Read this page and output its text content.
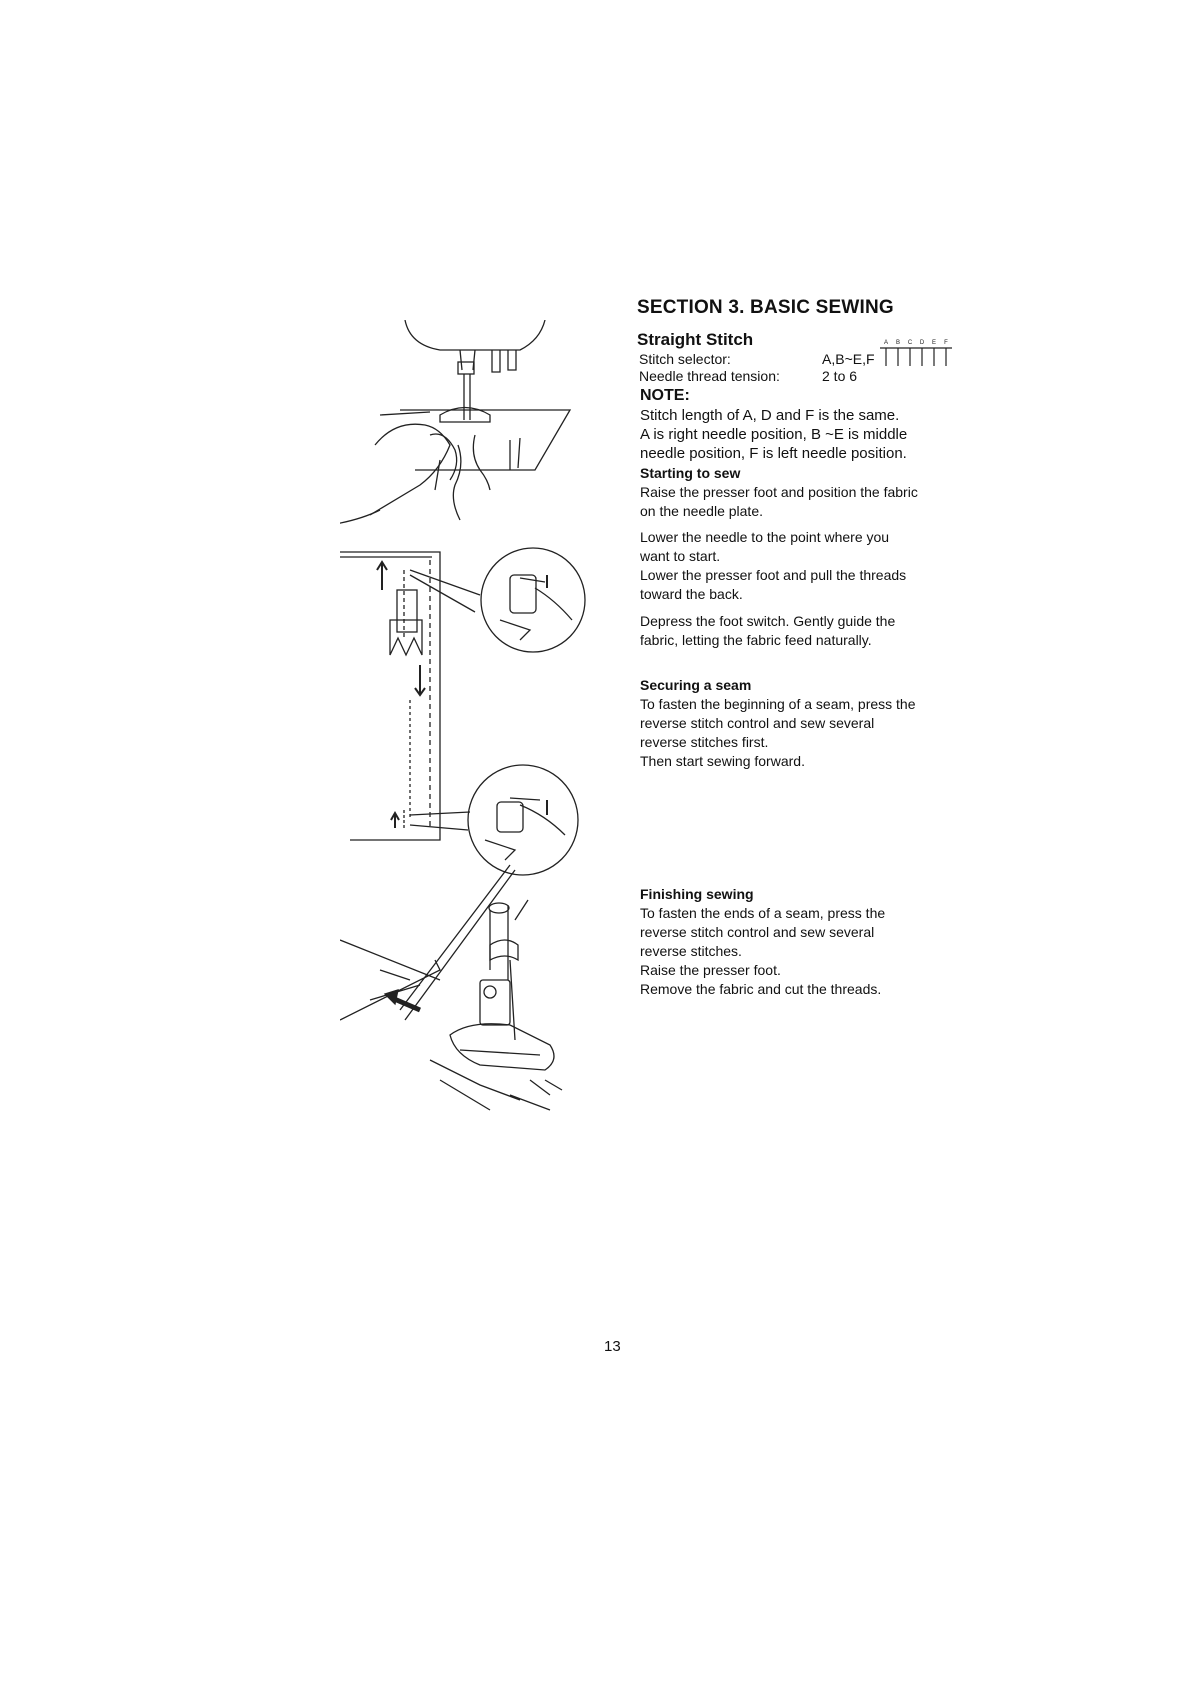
SECTION 3. BASIC SEWING
Straight Stitch	A B C D E F
Stitch selector:	A,B~E,F
Needle thread tension:	2 to 6
NOTE:
Stitch length of A, D and F is the same.
A is right needle position, B ~E is middle
needle position, F is left needle position.
Starting to sew
Raise the presser foot and position the fabric
on the needle plate.
Lower the needle to the point where you
want to start.
Lower the presser foot and pull the threads
toward the back.
Depress the foot switch. Gently guide the
fabric, letting the fabric feed naturally.
Securing a seam
To fasten the beginning of a seam, press the
reverse stitch control and sew several
reverse stitches first.
Then start sewing forward.
Finishing sewing
To fasten the ends of a seam, press the
reverse stitch control and sew several
reverse stitches.
Raise the presser foot.
Remove the fabric and cut the threads.
13
